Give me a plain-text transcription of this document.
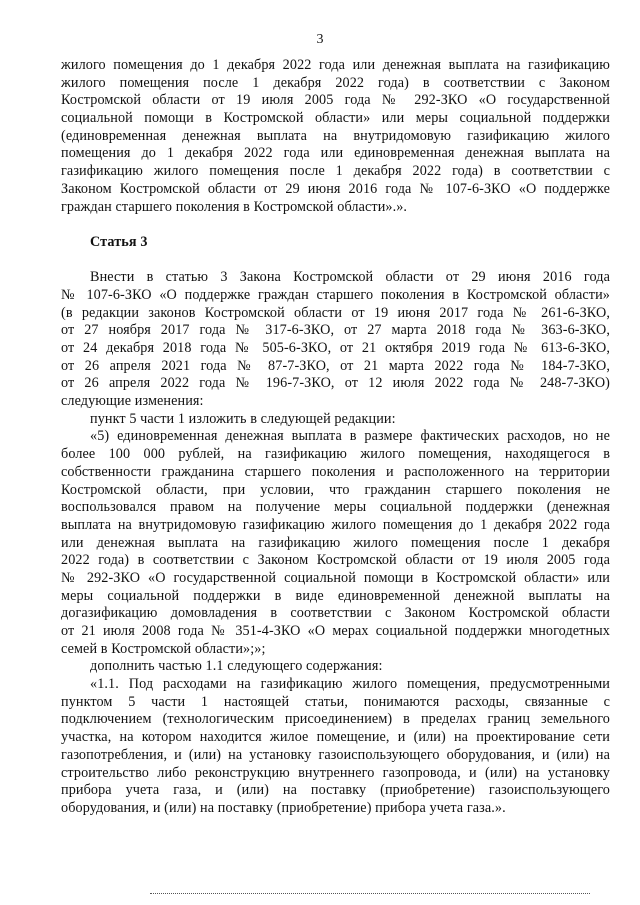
3
жилого помещения до 1 декабря 2022 года или денежная выплата на газификацию
жилого помещения после 1 декабря 2022 года) в соответствии с Законом
Костромской области от 19 июля 2005 года № 292-ЗКО «О государственной
социальной помощи в Костромской области» или меры социальной поддержки
(единовременная денежная выплата на внутридомовую газификацию жилого
помещения до 1 декабря 2022 года или единовременная денежная выплата на
газификацию жилого помещения после 1 декабря 2022 года) в соответствии с
Законом Костромской области от 29 июня 2016 года № 107-6-ЗКО «О поддержке
граждан старшего поколения в Костромской области».».
Статья 3
Внести в статью 3 Закона Костромской области от 29 июня 2016 года
№ 107-6-ЗКО «О поддержке граждан старшего поколения в Костромской области»
(в редакции законов Костромской области от 19 июня 2017 года № 261-6-ЗКО,
от 27 ноября 2017 года № 317-6-ЗКО, от 27 марта 2018 года № 363-6-ЗКО,
от 24 декабря 2018 года № 505-6-ЗКО, от 21 октября 2019 года № 613-6-ЗКО,
от 26 апреля 2021 года № 87-7-ЗКО, от 21 марта 2022 года № 184-7-ЗКО,
от 26 апреля 2022 года № 196-7-ЗКО, от 12 июля 2022 года № 248-7-ЗКО)
следующие изменения:
пункт 5 части 1 изложить в следующей редакции:
«5) единовременная денежная выплата в размере фактических расходов, но не
более 100 000 рублей, на газификацию жилого помещения, находящегося в
собственности гражданина старшего поколения и расположенного на территории
Костромской области, при условии, что гражданин старшего поколения не
воспользовался правом на получение меры социальной поддержки (денежная
выплата на внутридомовую газификацию жилого помещения до 1 декабря 2022 года
или денежная выплата на газификацию жилого помещения после 1 декабря
2022 года) в соответствии с Законом Костромской области от 19 июля 2005 года
№ 292-ЗКО «О государственной социальной помощи в Костромской области» или
меры социальной поддержки в виде единовременной денежной выплаты на
догазификацию домовладения в соответствии с Законом Костромской области
от 21 июля 2008 года № 351-4-ЗКО «О мерах социальной поддержки многодетных
семей в Костромской области»;»;
дополнить частью 1.1 следующего содержания:
«1.1. Под расходами на газификацию жилого помещения, предусмотренными
пунктом 5 части 1 настоящей статьи, понимаются расходы, связанные с
подключением (технологическим присоединением) в пределах границ земельного
участка, на котором находится жилое помещение, и (или) на проектирование сети
газопотребления, и (или) на установку газоиспользующего оборудования, и (или) на
строительство либо реконструкцию внутреннего газопровода, и (или) на установку
прибора учета газа, и (или) на поставку (приобретение) газоиспользующего
оборудования, и (или) на поставку (приобретение) прибора учета газа.».
